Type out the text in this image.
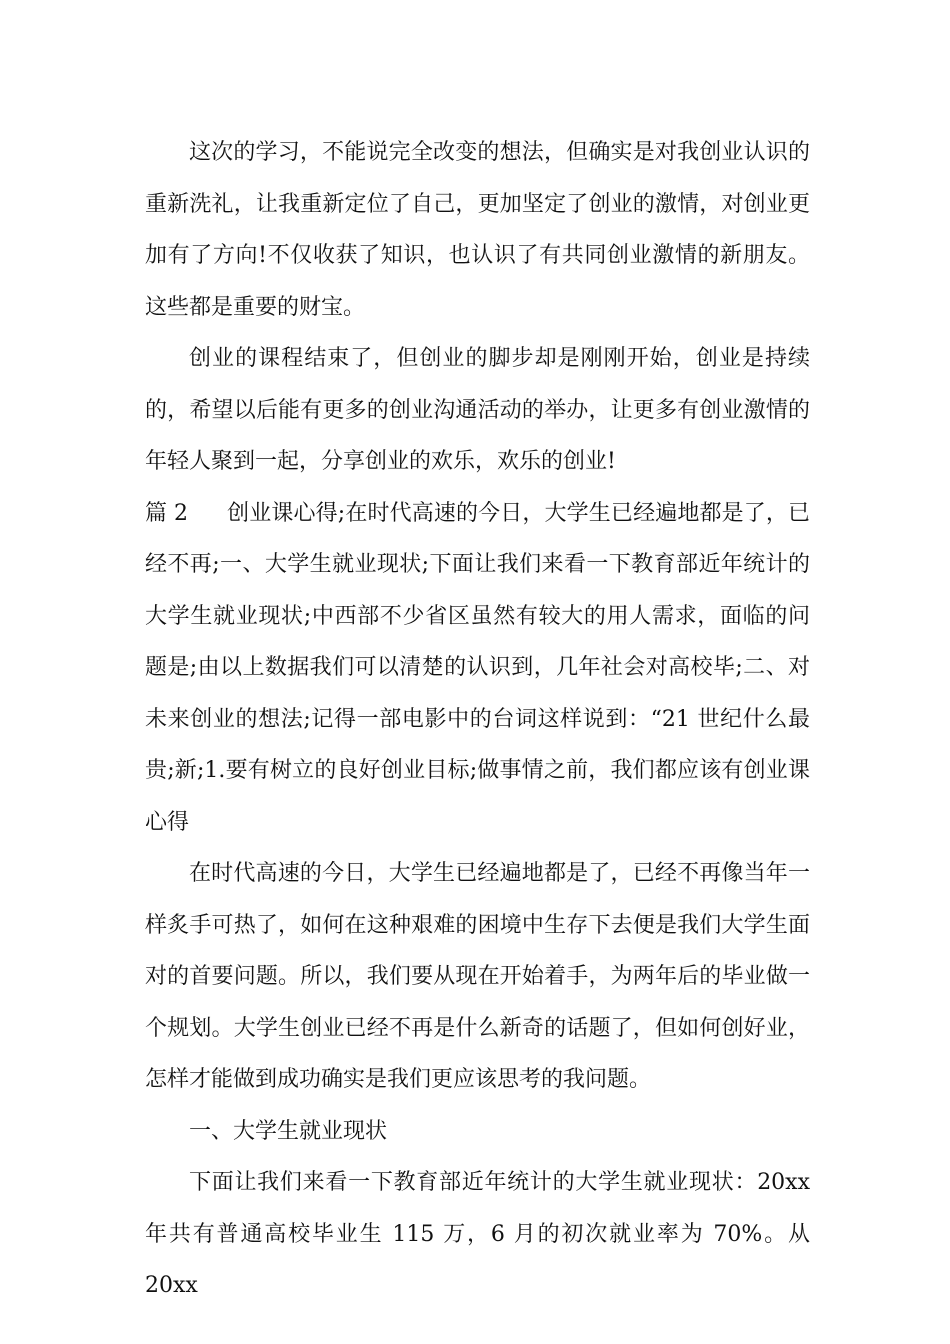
这次的学习，不能说完全改变的想法，但确实是对我创业认识的重新洗礼，让我重新定位了自己，更加坚定了创业的激情，对创业更加有了方向!不仅收获了知识，也认识了有共同创业激情的新朋友。这些都是重要的财宝。

创业的课程结束了，但创业的脚步却是刚刚开始，创业是持续的，希望以后能有更多的创业沟通活动的举办，让更多有创业激情的年轻人聚到一起，分享创业的欢乐，欢乐的创业!

篇 2 创业课心得;在时代高速的今日，大学生已经遍地都是了，已经不再;一、大学生就业现状;下面让我们来看一下教育部近年统计的大学生就业现状;中西部不少省区虽然有较大的用人需求，面临的问题是;由以上数据我们可以清楚的认识到，几年社会对高校毕;二、对未来创业的想法;记得一部电影中的台词这样说到：“21 世纪什么最贵;新;1.要有树立的良好创业目标;做事情之前，我们都应该有创业课心得

在时代高速的今日，大学生已经遍地都是了，已经不再像当年一样炙手可热了，如何在这种艰难的困境中生存下去便是我们大学生面对的首要问题。所以，我们要从现在开始着手，为两年后的毕业做一个规划。大学生创业已经不再是什么新奇的话题了，但如何创好业，怎样才能做到成功确实是我们更应该思考的我问题。

一、大学生就业现状

下面让我们来看一下教育部近年统计的大学生就业现状：20xx 年共有普通高校毕业生 115 万，6 月的初次就业率为 70%。从 20xx
